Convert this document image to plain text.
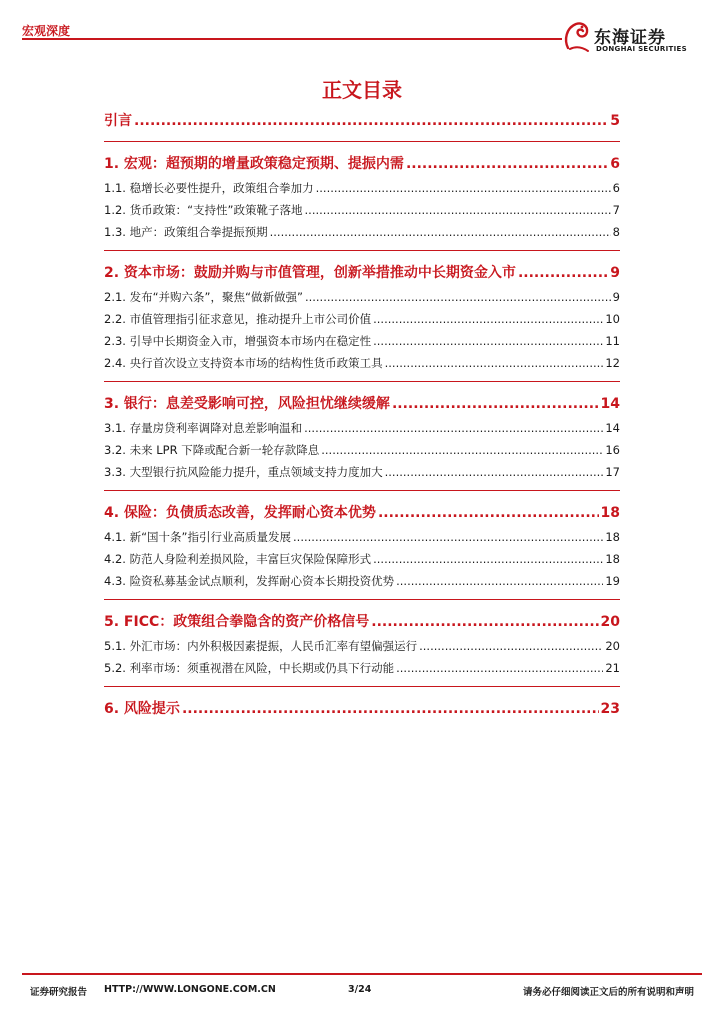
宏观深度	东海证券
DONGHAI SECURITIES
正文目录
引言 .....	5
1. 宏观：超预期的增量政策稳定预期、提振内需 .....	6
1.1. 稳增长必要性提升，政策组合拳加力 .....	6
1.2. 货币政策：“支持性”政策靴子落地 .....	7
1.3. 地产：政策组合拳提振预期 .....	8
2. 资本市场：鼓励并购与市值管理，创新举措推动中长期资金入市 .....	9
2.1. 发布“并购六条”，聚焦“做新做强” .....	9
2.2. 市值管理指引征求意见，推动提升上市公司价值 .....	10
2.3. 引导中长期资金入市，增强资本市场内在稳定性 .....	11
2.4. 央行首次设立支持资本市场的结构性货币政策工具 .....	12
3. 银行：息差受影响可控，风险担忧继续缓解 .....	14
3.1. 存量房贷利率调降对息差影响温和 .....	14
3.2. 未来 LPR 下降或配合新一轮存款降息 .....	16
3.3. 大型银行抗风险能力提升，重点领域支持力度加大 .....	17
4. 保险：负债质态改善，发挥耐心资本优势 .....	18
4.1. 新“国十条”指引行业高质量发展 .....	18
4.2. 防范人身险利差损风险，丰富巨灾保险保障形式 .....	18
4.3. 险资私募基金试点顺利，发挥耐心资本长期投资优势 .....	19
5. FICC：政策组合拳隐含的资产价格信号 .....	20
5.1. 外汇市场：内外积极因素提振，人民币汇率有望偏强运行 .....	20
5.2. 利率市场：须重视潜在风险，中长期或仍具下行动能 .....	21
6. 风险提示 .....	23
证券研究报告 HTTP://WWW.LONGONE.COM.CN	3/24	请务必仔细阅读正文后的所有说明和声明
